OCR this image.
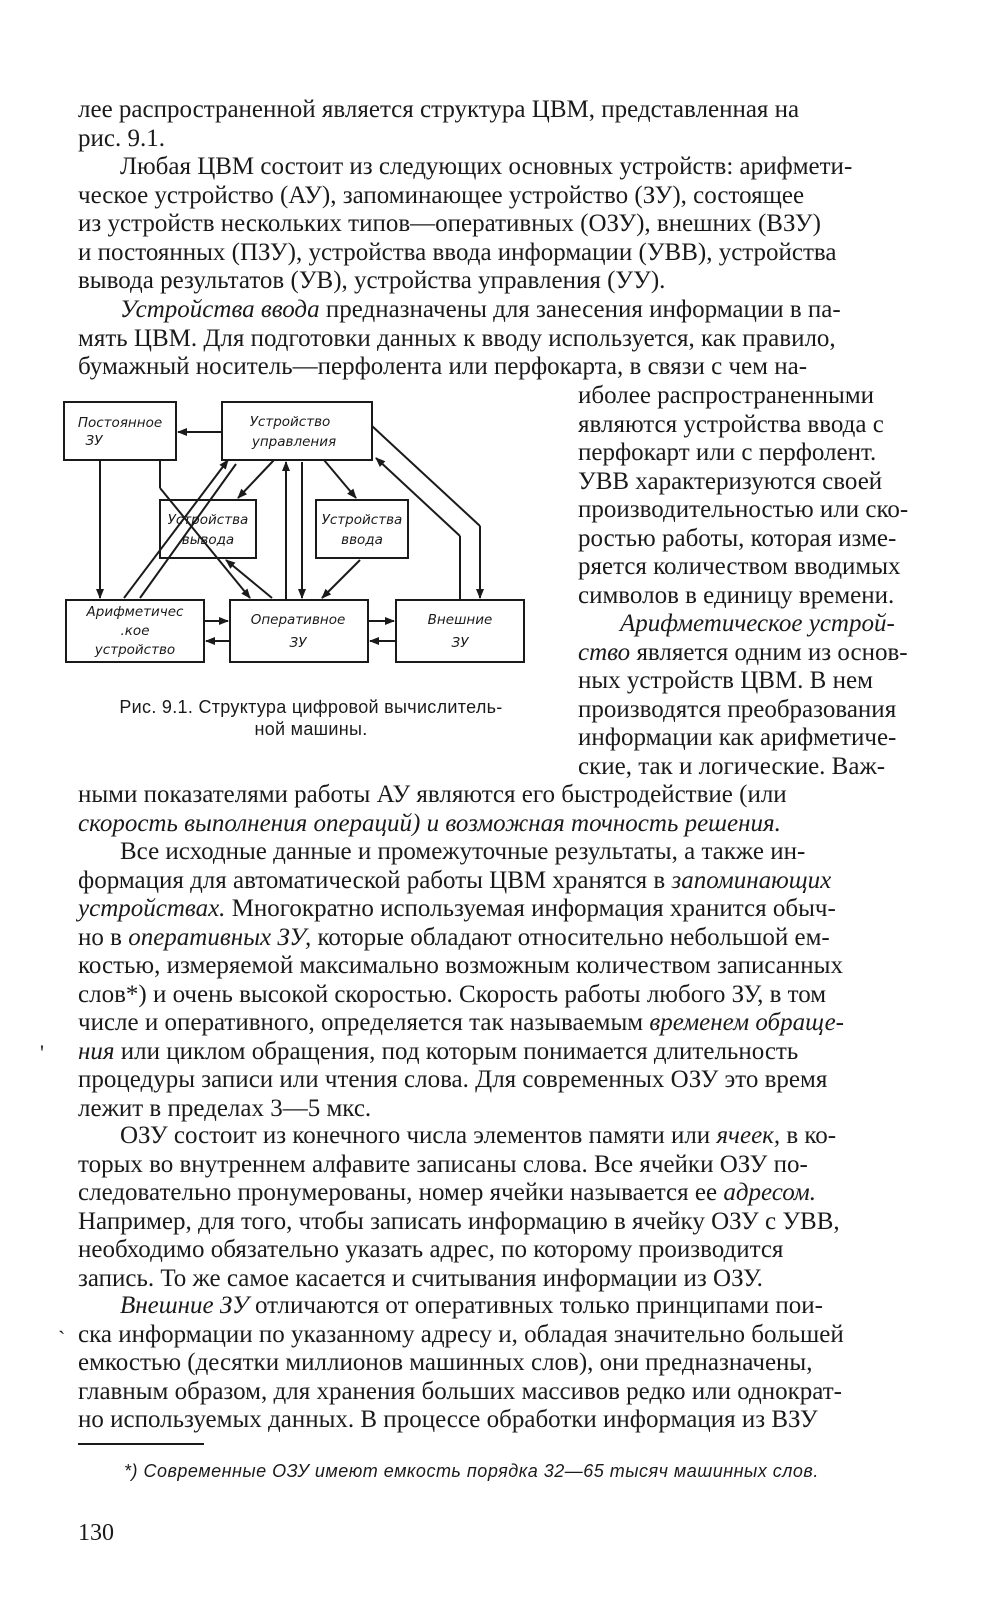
лее распространенной является структура ЦВМ, представленная на
рис. 9.1.

Любая ЦВМ состоит из следующих основных устройств: арифмети-
ческое устройство (АУ), запоминающее устройство (ЗУ), состоящее
из устройств нескольких типов—оперативных (ОЗУ), внешних (ВЗУ)
и постоянных (ПЗУ), устройства ввода информации (УВВ), устройства
вывода результатов (УВ), устройства управления (УУ).

Устройства ввода предназначены для занесения информации в па-
мять ЦВМ. Для подготовки данных к вводу используется, как правило,
бумажный носитель—перфолента или перфокарта, в связи с чем на-

иболее распространенными
являются устройства ввода с
перфокарт или с перфолент.
УВВ характеризуются своей
производительностью или ско-
ростью работы, которая изме-
ряется количеством вводимых
символов в единицу времени.

Арифметическое устрой-
ство является одним из основ-
ных устройств ЦВМ. В нем
производятся преобразования
информации как арифметиче-
ские, так и логические. Важ-

Постоянное
ЗУ
Устройство
управления
Устройства
вывода
Устройства
ввода
Арифметичес
.кое
устройство
Оперативное
ЗУ
Внешние
ЗУ
Рис. 9.1. Структура цифровой вычислитель-
ной машины.

ными показателями работы АУ являются его быстродействие (или
скорость выполнения операций) и возможная точность решения.

Все исходные данные и промежуточные результаты, а также ин-
формация для автоматической работы ЦВМ хранятся в запоминающих
устройствах. Многократно используемая информация хранится обыч-
но в оперативных ЗУ, которые обладают относительно небольшой ем-
костью, измеряемой максимально возможным количеством записанных
слов*) и очень высокой скоростью. Скорость работы любого ЗУ, в том
числе и оперативного, определяется так называемым временем обраще-
ния или циклом обращения, под которым понимается длительность
процедуры записи или чтения слова. Для современных ОЗУ это время
лежит в пределах 3—5 мкс.

ОЗУ состоит из конечного числа элементов памяти или ячеек, в ко-
торых во внутреннем алфавите записаны слова. Все ячейки ОЗУ по-
следовательно пронумерованы, номер ячейки называется ее адресом.
Например, для того, чтобы записать информацию в ячейку ОЗУ с УВВ,
необходимо обязательно указать адрес, по которому производится
запись. То же самое касается и считывания информации из ОЗУ.

Внешние ЗУ отличаются от оперативных только принципами пои-
ска информации по указанному адресу и, обладая значительно большей
емкостью (десятки миллионов машинных слов), они предназначены,
главным образом, для хранения больших массивов редко или однократ-
но используемых данных. В процессе обработки информация из ВЗУ

'
˴
*) Современные ОЗУ имеют емкость порядка 32—65 тысяч машинных слов.
130
